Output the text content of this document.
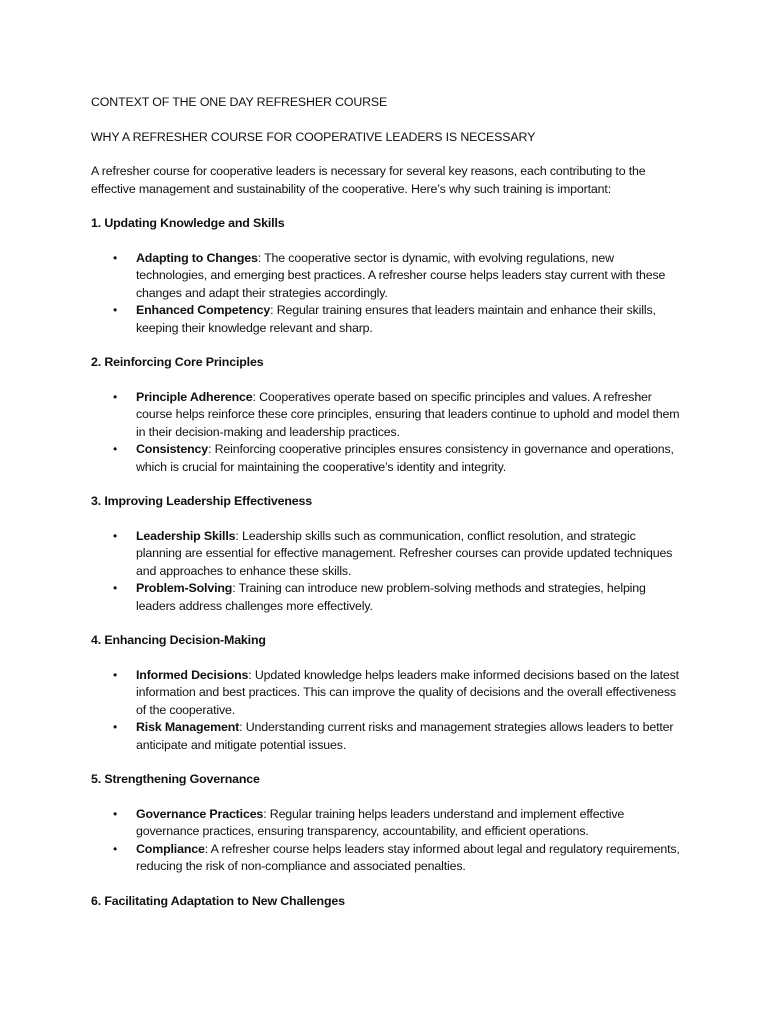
CONTEXT OF THE ONE DAY REFRESHER COURSE

WHY A REFRESHER COURSE FOR COOPERATIVE LEADERS IS NECESSARY

A refresher course for cooperative leaders is necessary for several key reasons, each contributing to the effective management and sustainability of the cooperative. Here’s why such training is important:

1. Updating Knowledge and Skills

• Adapting to Changes: The cooperative sector is dynamic, with evolving regulations, new technologies, and emerging best practices. A refresher course helps leaders stay current with these changes and adapt their strategies accordingly.
• Enhanced Competency: Regular training ensures that leaders maintain and enhance their skills, keeping their knowledge relevant and sharp.

2. Reinforcing Core Principles

• Principle Adherence: Cooperatives operate based on specific principles and values. A refresher course helps reinforce these core principles, ensuring that leaders continue to uphold and model them in their decision-making and leadership practices.
• Consistency: Reinforcing cooperative principles ensures consistency in governance and operations, which is crucial for maintaining the cooperative’s identity and integrity.

3. Improving Leadership Effectiveness

• Leadership Skills: Leadership skills such as communication, conflict resolution, and strategic planning are essential for effective management. Refresher courses can provide updated techniques and approaches to enhance these skills.
• Problem-Solving: Training can introduce new problem-solving methods and strategies, helping leaders address challenges more effectively.

4. Enhancing Decision-Making

• Informed Decisions: Updated knowledge helps leaders make informed decisions based on the latest information and best practices. This can improve the quality of decisions and the overall effectiveness of the cooperative.
• Risk Management: Understanding current risks and management strategies allows leaders to better anticipate and mitigate potential issues.

5. Strengthening Governance

• Governance Practices: Regular training helps leaders understand and implement effective governance practices, ensuring transparency, accountability, and efficient operations.
• Compliance: A refresher course helps leaders stay informed about legal and regulatory requirements, reducing the risk of non-compliance and associated penalties.

6. Facilitating Adaptation to New Challenges
